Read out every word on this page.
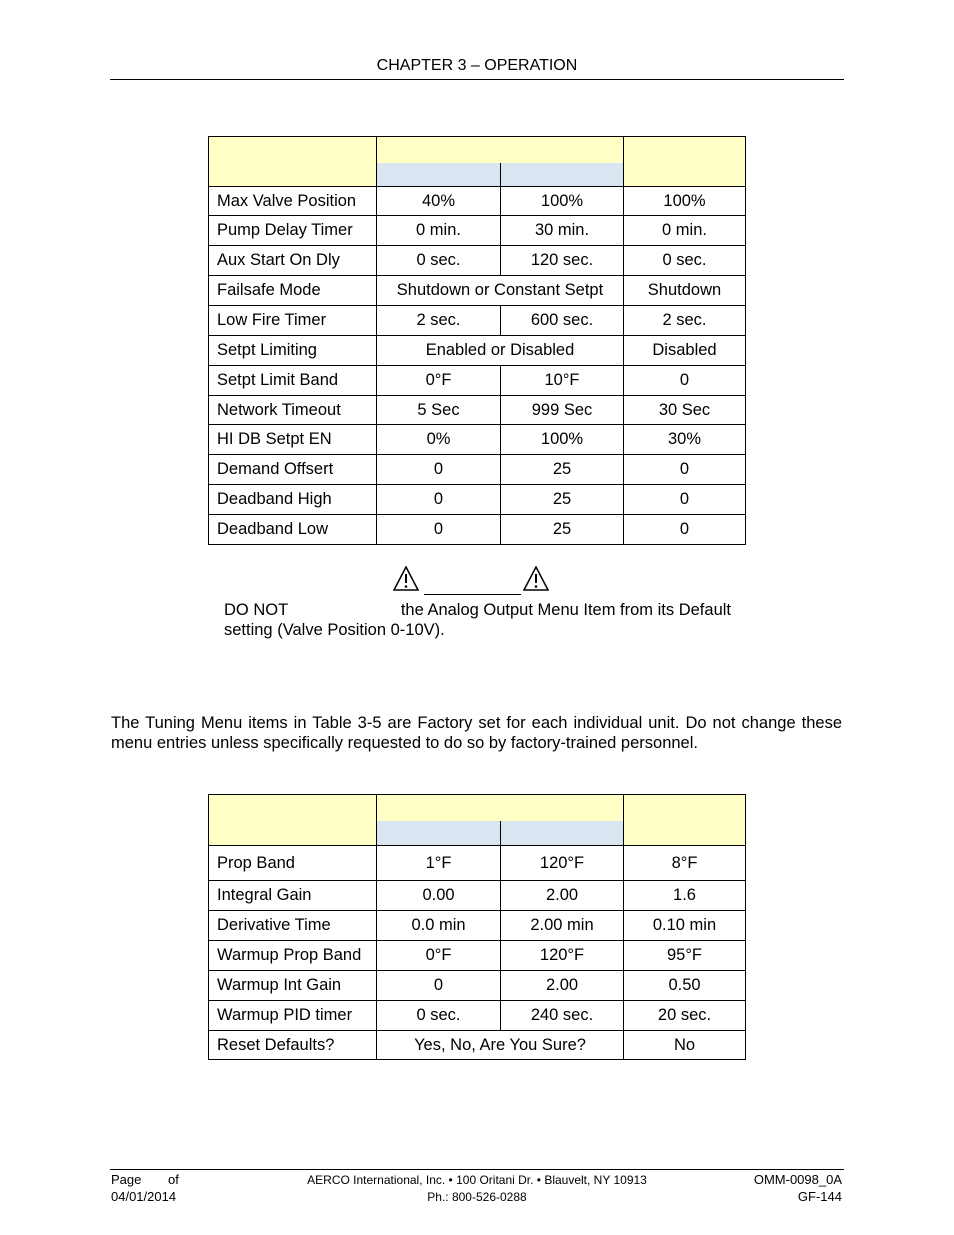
CHAPTER 3 – OPERATION

Max Valve Position	40%	100%	100%
Pump Delay Timer	0 min.	30 min.	0 min.
Aux Start On Dly	0 sec.	120 sec.	0 sec.
Failsafe Mode	Shutdown or Constant Setpt		Shutdown
Low Fire Timer	2 sec.	600 sec.	2 sec.
Setpt Limiting	Enabled or Disabled		Disabled
Setpt Limit Band	0°F	10°F	0
Network Timeout	5 Sec	999 Sec	30 Sec
HI DB Setpt EN	0%	100%	30%
Demand Offsert	0	25	0
Deadband High	0	25	0
Deadband Low	0	25	0
DO NOT	the Analog Output Menu Item from its Default
setting (Valve Position 0-10V).
The Tuning Menu items in Table 3-5 are Factory set for each individual unit. Do not change these menu entries unless specifically requested to do so by factory-trained personnel.

Prop Band	1°F	120°F	8°F
Integral Gain	0.00	2.00	1.6
Derivative Time	0.0 min	2.00 min	0.10 min
Warmup Prop Band	0°F	120°F	95°F
Warmup Int Gain	0	2.00	0.50
Warmup PID timer	0 sec.	240 sec.	20 sec.
Reset Defaults?	Yes, No, Are You Sure?		No
Page of
04/01/2014
AERCO International, Inc. • 100 Oritani Dr. • Blauvelt, NY 10913
Ph.: 800-526-0288
OMM-0098_0A
GF-144
